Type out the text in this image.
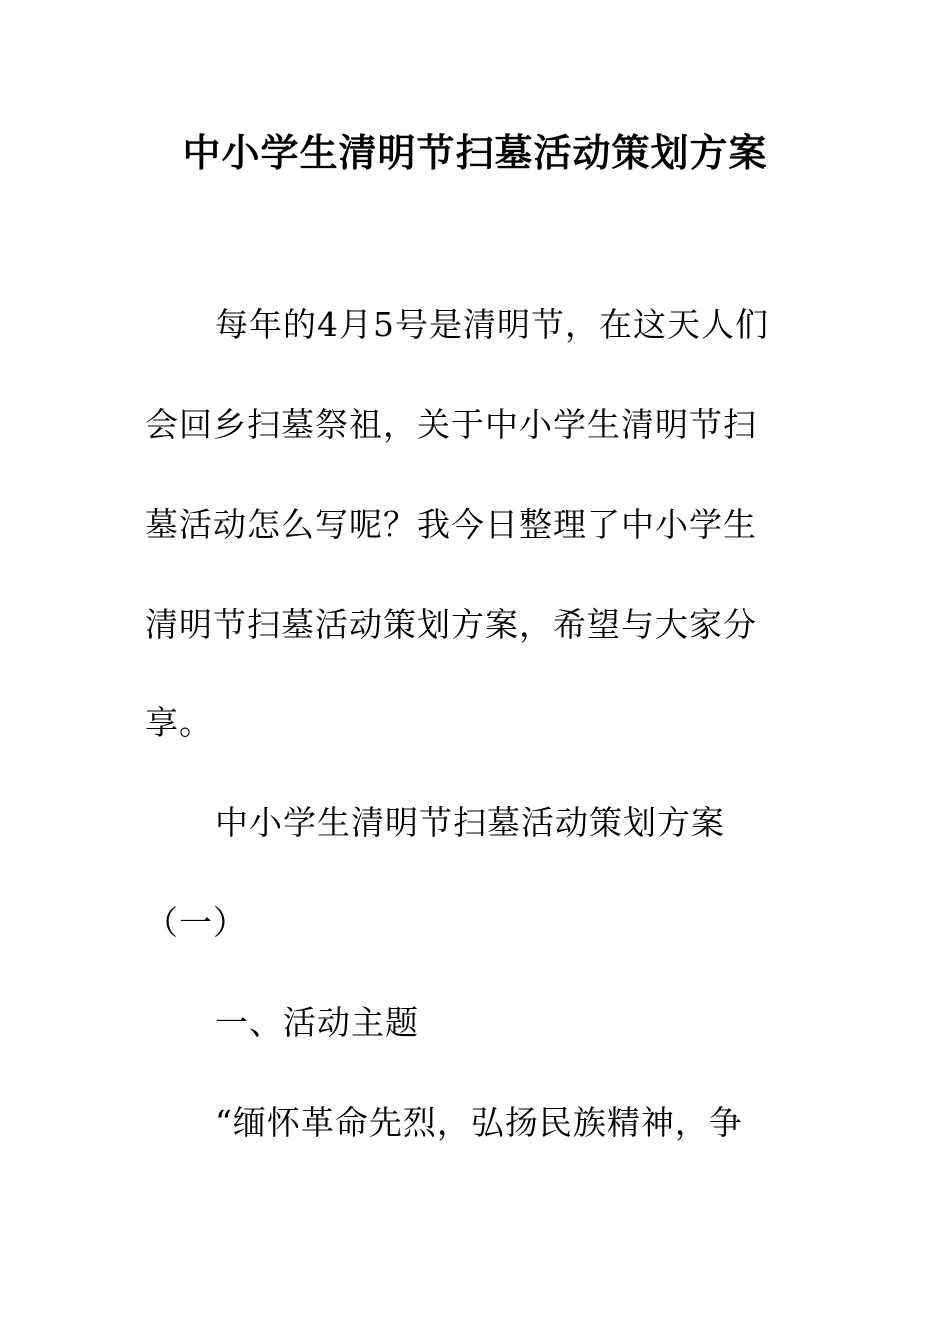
中小学生清明节扫墓活动策划方案
每年的4月5号是清明节，在这天人们
会回乡扫墓祭祖，关于中小学生清明节扫
墓活动怎么写呢？我今日整理了中小学生
清明节扫墓活动策划方案，希望与大家分
享。
中小学生清明节扫墓活动策划方案
（一）
一、活动主题
“缅怀革命先烈，弘扬民族精神，争
